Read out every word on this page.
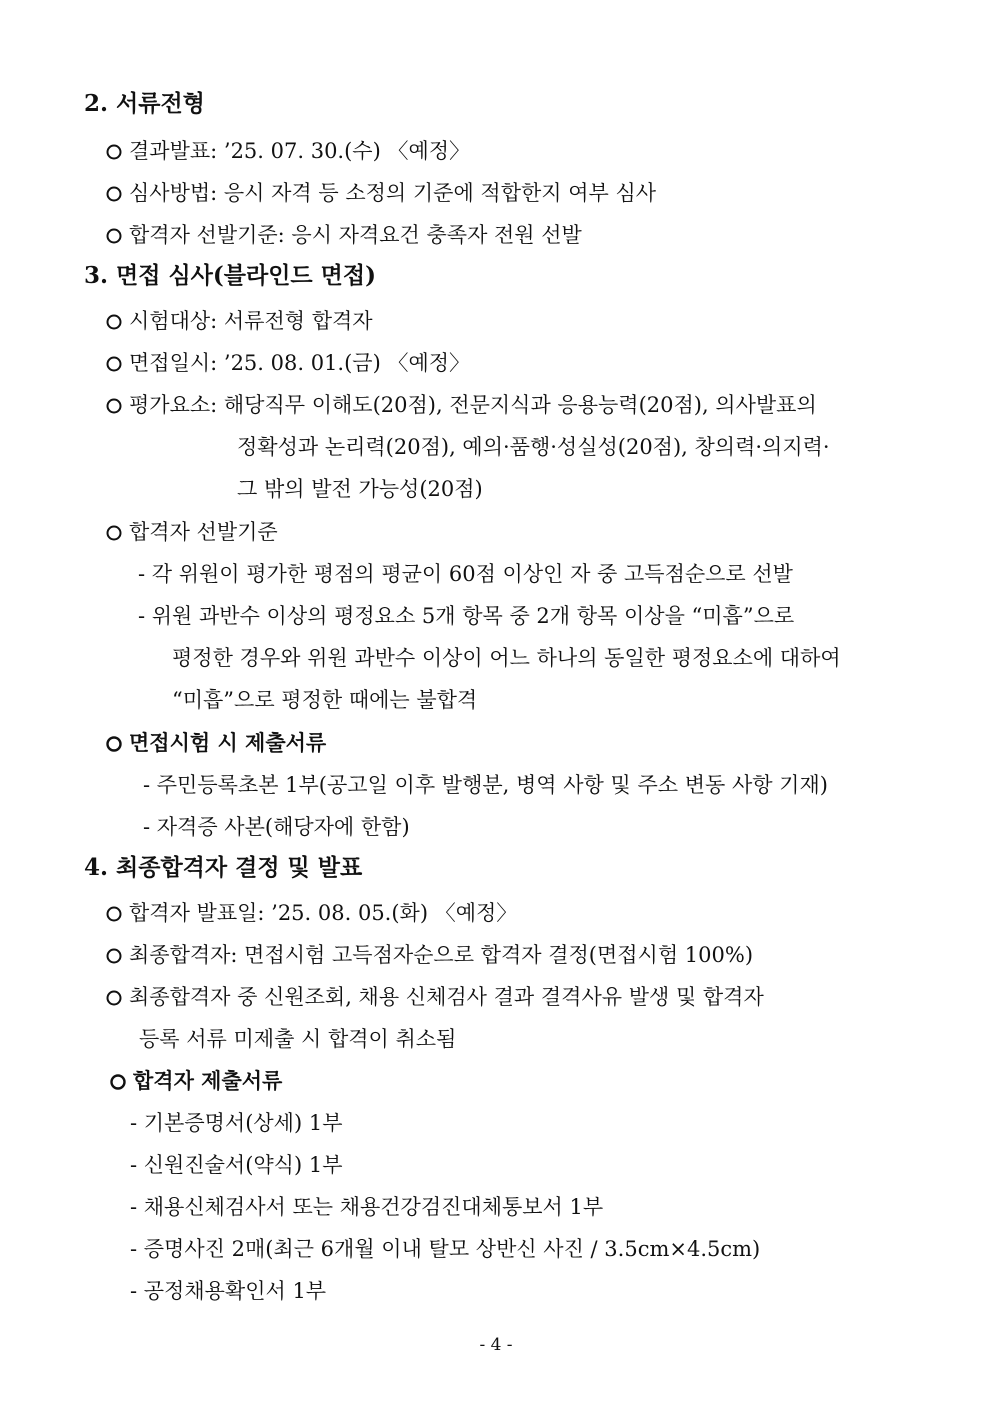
2. 서류전형
결과발표: ’25. 07. 30.(수) 〈예정〉
심사방법: 응시 자격 등 소정의 기준에 적합한지 여부 심사
합격자 선발기준: 응시 자격요건 충족자 전원 선발
3. 면접 심사(블라인드 면접)
시험대상: 서류전형 합격자
면접일시: ’25. 08. 01.(금) 〈예정〉
평가요소: 해당직무 이해도(20점), 전문지식과 응용능력(20점), 의사발표의
정확성과 논리력(20점), 예의·품행·성실성(20점), 창의력·의지력·
그 밖의 발전 가능성(20점)
합격자 선발기준
- 각 위원이 평가한 평점의 평균이 60점 이상인 자 중 고득점순으로 선발
- 위원 과반수 이상의 평정요소 5개 항목 중 2개 항목 이상을 “미흡”으로
평정한 경우와 위원 과반수 이상이 어느 하나의 동일한 평정요소에 대하여
“미흡”으로 평정한 때에는 불합격
면접시험 시 제출서류
- 주민등록초본 1부(공고일 이후 발행분, 병역 사항 및 주소 변동 사항 기재)
- 자격증 사본(해당자에 한함)
4. 최종합격자 결정 및 발표
합격자 발표일: ’25. 08. 05.(화) 〈예정〉
최종합격자: 면접시험 고득점자순으로 합격자 결정(면접시험 100%)
최종합격자 중 신원조회, 채용 신체검사 결과 결격사유 발생 및 합격자
등록 서류 미제출 시 합격이 취소됨
합격자 제출서류
- 기본증명서(상세) 1부
- 신원진술서(약식) 1부
- 채용신체검사서 또는 채용건강검진대체통보서 1부
- 증명사진 2매(최근 6개월 이내 탈모 상반신 사진 / 3.5cm×4.5cm)
- 공정채용확인서 1부
- 4 -
